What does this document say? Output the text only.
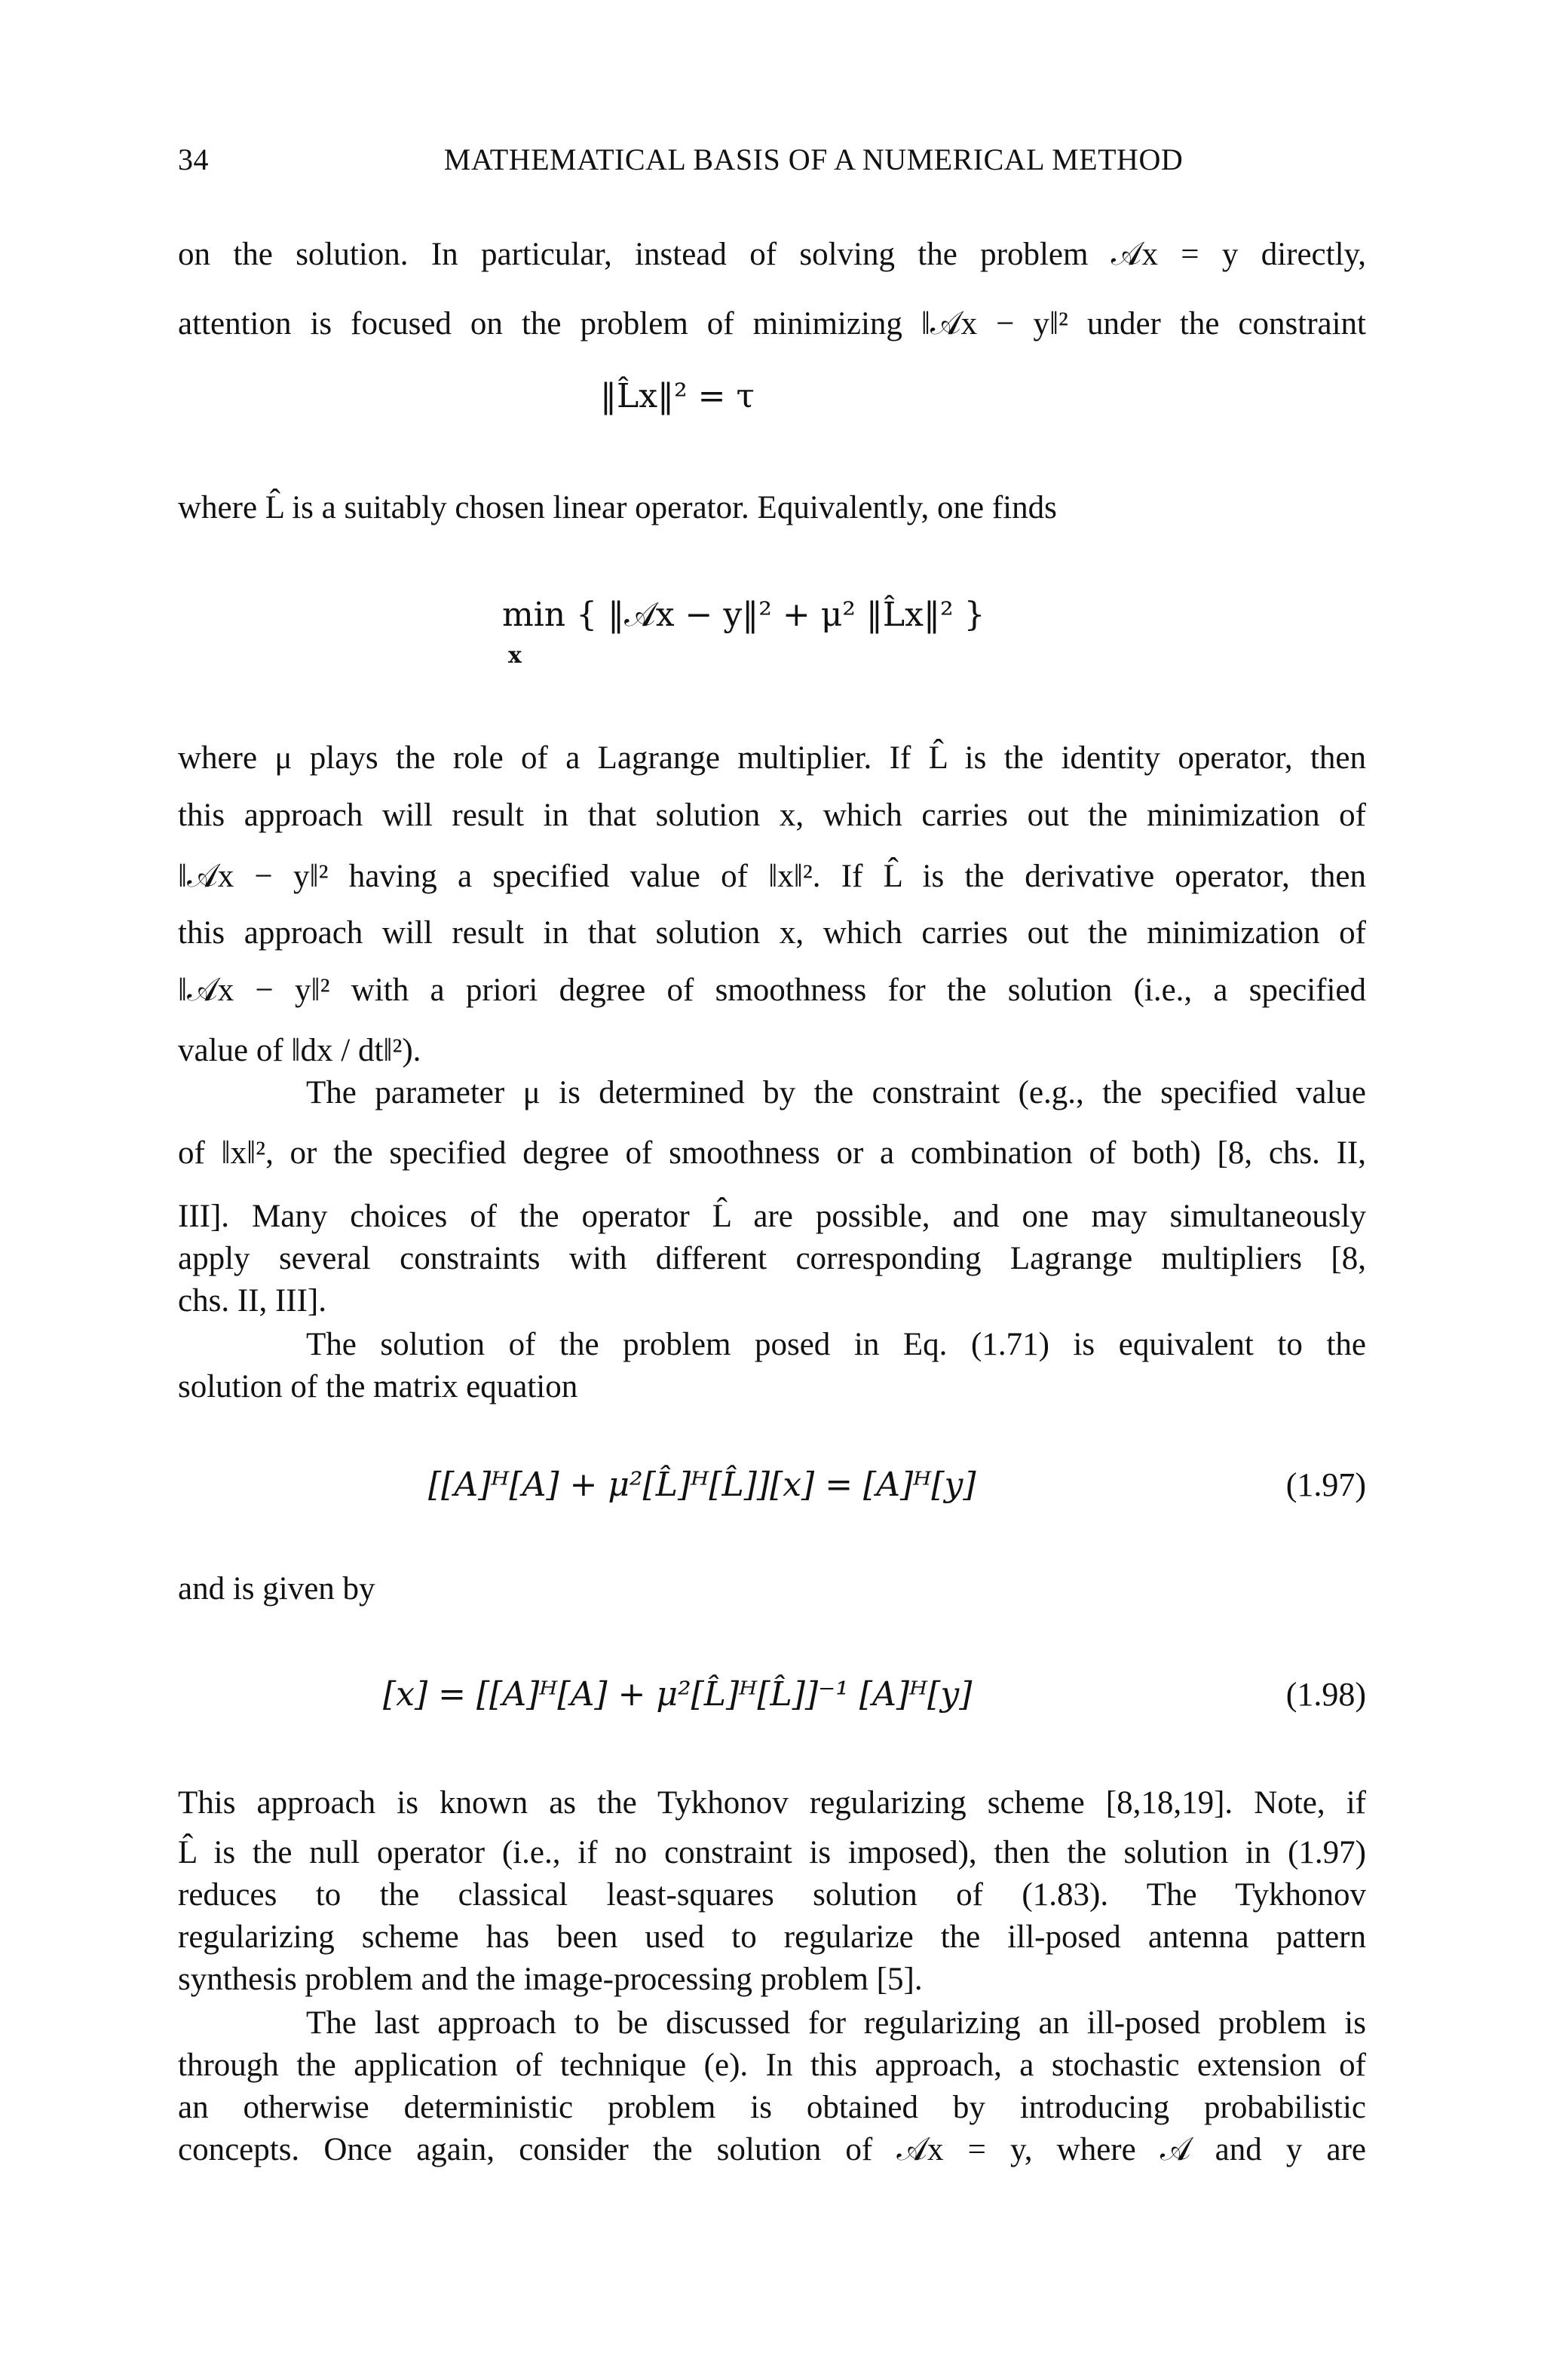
34	MATHEMATICAL BASIS OF A NUMERICAL METHOD
on the solution. In particular, instead of solving the problem 𝒜x = y directly,
attention is focused on the problem of minimizing ‖𝒜x − y‖² under the constraint
‖L̂x‖² = τ
where L̂ is a suitably chosen linear operator. Equivalently, one finds
min { ‖𝒜x − y‖² + μ² ‖L̂x‖² }
x
where μ plays the role of a Lagrange multiplier. If L̂ is the identity operator, then
this approach will result in that solution x, which carries out the minimization of
‖𝒜x − y‖² having a specified value of ‖x‖². If L̂ is the derivative operator, then
this approach will result in that solution x, which carries out the minimization of
‖𝒜x − y‖² with a priori degree of smoothness for the solution (i.e., a specified
value of ‖dx / dt‖²).
The parameter μ is determined by the constraint (e.g., the specified value
of ‖x‖², or the specified degree of smoothness or a combination of both) [8, chs. II,
III]. Many choices of the operator L̂ are possible, and one may simultaneously
apply several constraints with different corresponding Lagrange multipliers [8,
chs. II, III].
The solution of the problem posed in Eq. (1.71) is equivalent to the
solution of the matrix equation
[[A]ᴴ[A] + μ²[L̂]ᴴ[L̂]][x] = [A]ᴴ[y]	(1.97)
and is given by
[x] = [[A]ᴴ[A] + μ²[L̂]ᴴ[L̂]]⁻¹ [A]ᴴ[y]	(1.98)
This approach is known as the Tykhonov regularizing scheme [8,18,19]. Note, if
L̂ is the null operator (i.e., if no constraint is imposed), then the solution in (1.97)
reduces to the classical least-squares solution of (1.83). The Tykhonov
regularizing scheme has been used to regularize the ill-posed antenna pattern
synthesis problem and the image-processing problem [5].
The last approach to be discussed for regularizing an ill-posed problem is
through the application of technique (e). In this approach, a stochastic extension of
an otherwise deterministic problem is obtained by introducing probabilistic
concepts. Once again, consider the solution of 𝒜x = y, where 𝒜 and y are
